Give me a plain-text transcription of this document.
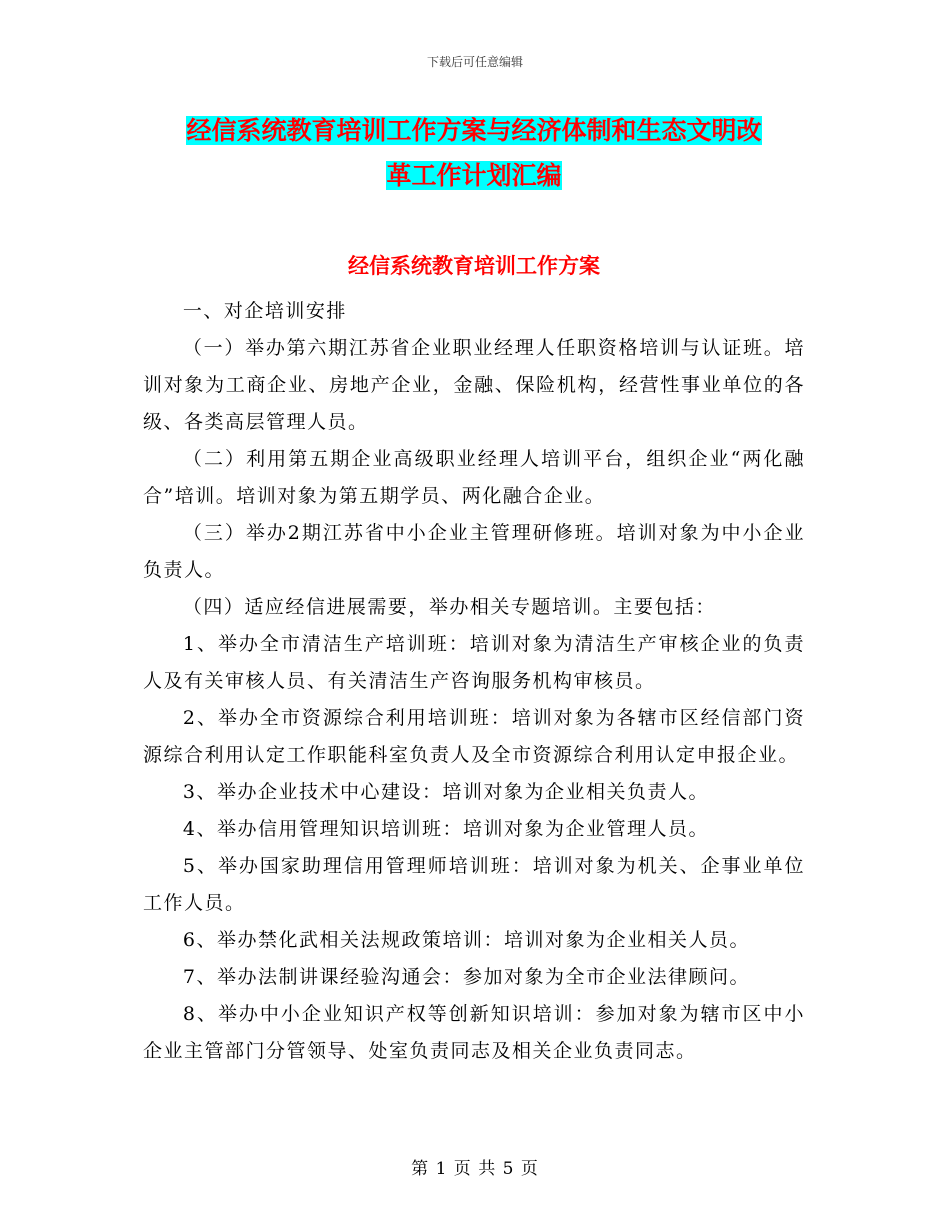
下载后可任意编辑
经信系统教育培训工作方案与经济体制和生态文明改
革工作计划汇编
经信系统教育培训工作方案

一、对企培训安排

（一）举办第六期江苏省企业职业经理人任职资格培训与认证班。培训对象为工商企业、房地产企业，金融、保险机构，经营性事业单位的各级、各类高层管理人员。

（二）利用第五期企业高级职业经理人培训平台，组织企业“两化融合”培训。培训对象为第五期学员、两化融合企业。

（三）举办2期江苏省中小企业主管理研修班。培训对象为中小企业负责人。

（四）适应经信进展需要，举办相关专题培训。主要包括：

1、举办全市清洁生产培训班：培训对象为清洁生产审核企业的负责人及有关审核人员、有关清洁生产咨询服务机构审核员。

2、举办全市资源综合利用培训班：培训对象为各辖市区经信部门资源综合利用认定工作职能科室负责人及全市资源综合利用认定申报企业。

3、举办企业技术中心建设：培训对象为企业相关负责人。

4、举办信用管理知识培训班：培训对象为企业管理人员。

5、举办国家助理信用管理师培训班：培训对象为机关、企事业单位工作人员。

6、举办禁化武相关法规政策培训：培训对象为企业相关人员。

7、举办法制讲课经验沟通会：参加对象为全市企业法律顾问。

8、举办中小企业知识产权等创新知识培训：参加对象为辖市区中小企业主管部门分管领导、处室负责同志及相关企业负责同志。

第 1 页 共 5 页
